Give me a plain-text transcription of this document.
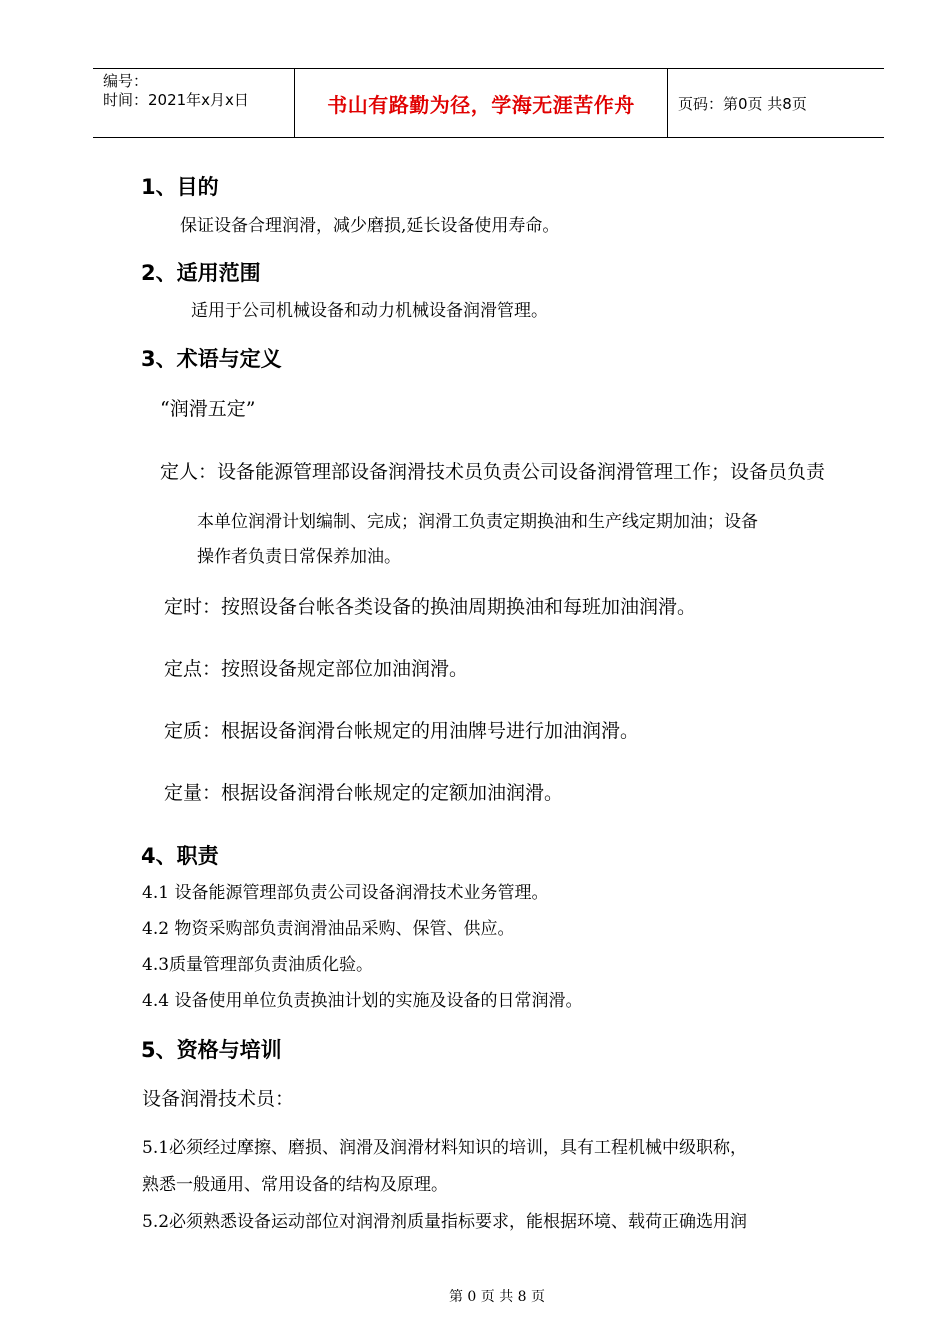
编号：
时间：2021年x月x日	书山有路勤为径，学海无涯苦作舟	页码：第0页 共8页
1、目的
保证设备合理润滑，减少磨损,延长设备使用寿命。
2、适用范围
适用于公司机械设备和动力机械设备润滑管理。
3、术语与定义
“润滑五定”
定人：设备能源管理部设备润滑技术员负责公司设备润滑管理工作；设备员负责
本单位润滑计划编制、完成；润滑工负责定期换油和生产线定期加油；设备
操作者负责日常保养加油。
定时：按照设备台帐各类设备的换油周期换油和每班加油润滑。
定点：按照设备规定部位加油润滑。
定质：根据设备润滑台帐规定的用油牌号进行加油润滑。
定量：根据设备润滑台帐规定的定额加油润滑。
4、职责
4.1 设备能源管理部负责公司设备润滑技术业务管理。
4.2 物资采购部负责润滑油品采购、保管、供应。
4.3质量管理部负责油质化验。
4.4 设备使用单位负责换油计划的实施及设备的日常润滑。
5、资格与培训
设备润滑技术员：
5.1必须经过摩擦、磨损、润滑及润滑材料知识的培训，具有工程机械中级职称，
熟悉一般通用、常用设备的结构及原理。
5.2必须熟悉设备运动部位对润滑剂质量指标要求，能根据环境、载荷正确选用润
第 0 页 共 8 页
